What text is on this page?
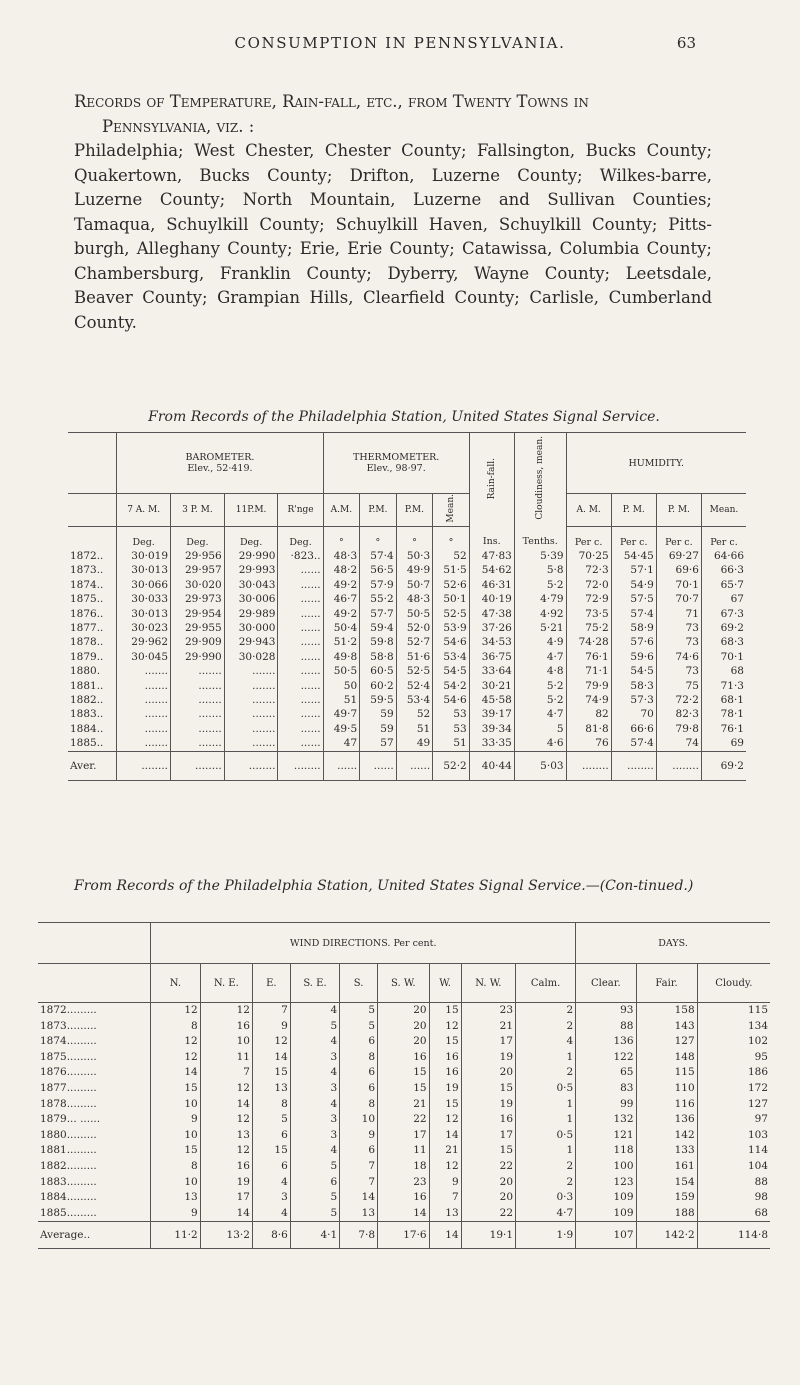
CONSUMPTION IN PENNSYLVANIA.	63

Records of Temperature, Rain-fall, etc., from Twenty Towns in
Pennsylvania, viz. :
Philadelphia; West Chester, Chester County; Fallsington, Bucks County; Quakertown, Bucks County; Drifton, Luzerne County; Wilkes-barre, Luzerne County; North Mountain, Luzerne and Sullivan Counties; Tamaqua, Schuylkill County; Schuylkill Haven, Schuylkill County; Pitts-burgh, Alleghany County; Erie, Erie County; Catawissa, Columbia County; Chambersburg, Franklin County; Dyberry, Wayne County; Leetsdale, Beaver County; Grampian Hills, Clearfield County; Carlisle, Cumberland County.

From Records of the Philadelphia Station, United States Signal Service.
	BAROMETER.
Elev., 52·419.				THERMOMETER.
Elev., 98·97.				Rain-fall.	Cloudiness, mean.	HUMIDITY.			
	7 A. M.	3 P. M.	11P.M.	R'nge	A.M.	P.M.	P.M.	Mean.			A. M.	P. M.	P. M.	Mean.
	Deg.	Deg.	Deg.	Deg.	°	°	°	°	Ins.	Tenths.	Per c.	Per c.	Per c.	Per c.
1872..	30·019	29·956	29·990	·823..	48·3	57·4	50·3	52	47·83	5·39	70·25	54·45	69·27	64·66
1873..	30·013	29·957	29·993	......	48·2	56·5	49·9	51·5	54·62	5·8	72·3	57·1	69·6	66·3
1874..	30·066	30·020	30·043	......	49·2	57·9	50·7	52·6	46·31	5·2	72·0	54·9	70·1	65·7
1875..	30·033	29·973	30·006	......	46·7	55·2	48·3	50·1	40·19	4·79	72·9	57·5	70·7	67
1876..	30·013	29·954	29·989	......	49·2	57·7	50·5	52·5	47·38	4·92	73·5	57·4	71	67·3
1877..	30·023	29·955	30·000	......	50·4	59·4	52·0	53·9	37·26	5·21	75·2	58·9	73	69·2
1878..	29·962	29·909	29·943	......	51·2	59·8	52·7	54·6	34·53	4·9	74·28	57·6	73	68·3
1879..	30·045	29·990	30·028	......	49·8	58·8	51·6	53·4	36·75	4·7	76·1	59·6	74·6	70·1
1880.	.......	.......	.......	......	50·5	60·5	52·5	54·5	33·64	4·8	71·1	54·5	73	68
1881..	.......	.......	.......	......	50	60·2	52·4	54·2	30·21	5·2	79·9	58·3	75	71·3
1882..	.......	.......	.......	......	51	59·5	53·4	54·6	45·58	5·2	74·9	57·3	72·2	68·1
1883..	.......	.......	.......	......	49·7	59	52	53	39·17	4·7	82	70	82·3	78·1
1884..	.......	.......	.......	......	49·5	59	51	53	39·34	5	81·8	66·6	79·8	76·1
1885..	.......	.......	.......	......	47	57	49	51	33·35	4·6	76	57·4	74	69
Aver.	........	........	........	........	......	......	......	52·2	40·44	5·03	........	........	........	69·2
From Records of the Philadelphia Station, United States Signal Service.—(Con-tinued.)
	WIND DIRECTIONS. Per cent.									DAYS.		
	N.	N. E.	E.	S. E.	S.	S. W.	W.	N. W.	Calm.	Clear.	Fair.	Cloudy.
1872.........	12	12	7	4	5	20	15	23	2	93	158	115
1873.........	8	16	9	5	5	20	12	21	2	88	143	134
1874.........	12	10	12	4	6	20	15	17	4	136	127	102
1875.........	12	11	14	3	8	16	16	19	1	122	148	95
1876.........	14	7	15	4	6	15	16	20	2	65	115	186
1877.........	15	12	13	3	6	15	19	15	0·5	83	110	172
1878.........	10	14	8	4	8	21	15	19	1	99	116	127
1879... ......	9	12	5	3	10	22	12	16	1	132	136	97
1880.........	10	13	6	3	9	17	14	17	0·5	121	142	103
1881.........	15	12	15	4	6	11	21	15	1	118	133	114
1882.........	8	16	6	5	7	18	12	22	2	100	161	104
1883.........	10	19	4	6	7	23	9	20	2	123	154	88
1884.........	13	17	3	5	14	16	7	20	0·3	109	159	98
1885.........	9	14	4	5	13	14	13	22	4·7	109	188	68
Average..	11·2	13·2	8·6	4·1	7·8	17·6	14	19·1	1·9	107	142·2	114·8
